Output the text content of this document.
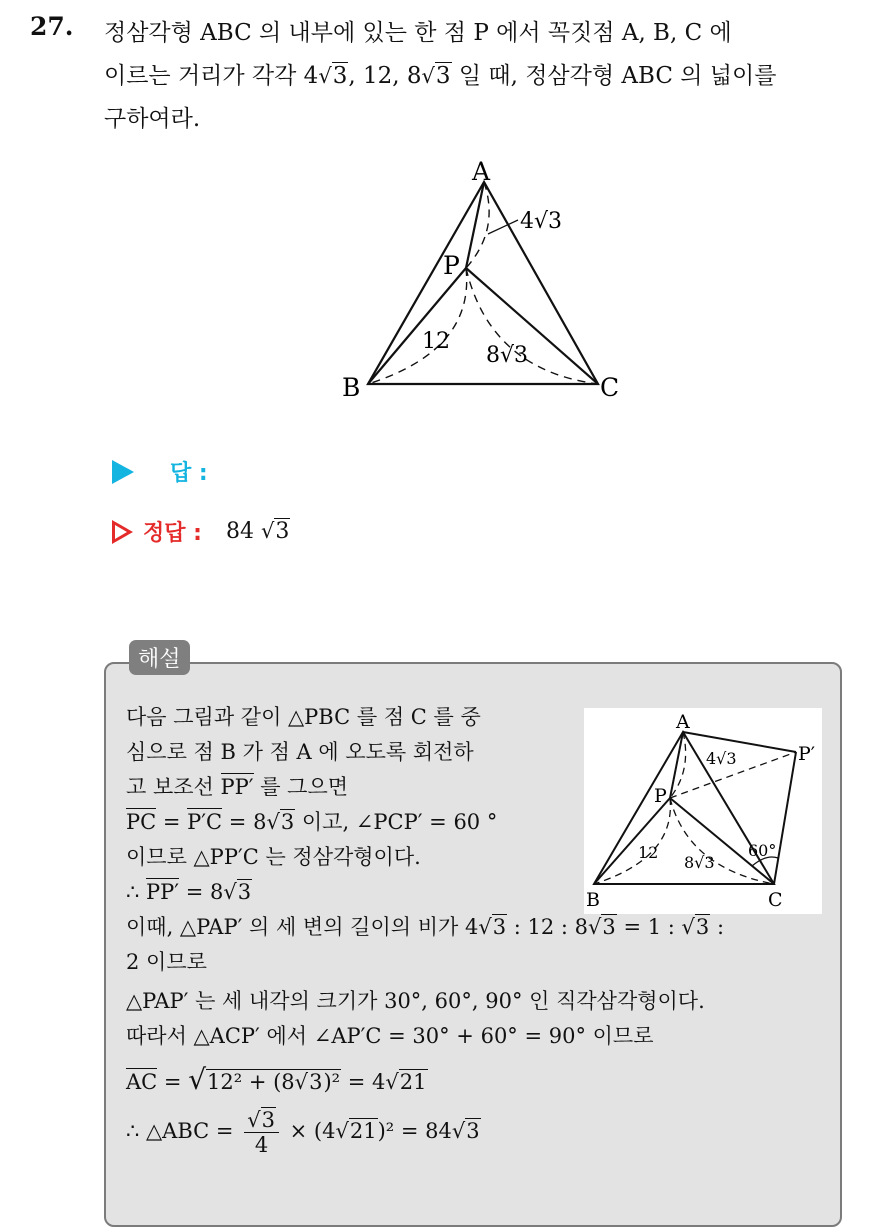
27. 정삼각형 ABC 의 내부에 있는 한 점 P 에서 꼭짓점 A, B, C 에

이르는 거리가 각각 4√3, 12, 8√3 일 때, 정삼각형 ABC 의 넓이를

구하여라.

A
B	C
P
4√3
12
8√3
답 :
정답 : 84 √3
해설
A
B	C
P
P′
4√3
12
8√3
60°

다음 그림과 같이 △PBC 를 점 C 를 중

심으로 점 B 가 점 A 에 오도록 회전하

고 보조선 PP′ 를 그으면

PC = P′C = 8√3 이고, ∠PCP′ = 60 °

이므로 △PP′C 는 정삼각형이다.

∴ PP′ = 8√3

이때, △PAP′ 의 세 변의 길이의 비가 4√3 : 12 : 8√3 = 1 : √3 :

2 이므로

△PAP′ 는 세 내각의 크기가 30°, 60°, 90° 인 직각삼각형이다.

따라서 △ACP′ 에서 ∠AP′C = 30° + 60° = 90° 이므로

AC = √12² + (8√3)² = 4√21

∴ △ABC = $\frac{√3}{4} \times (4√21)^2 = 84√3$
